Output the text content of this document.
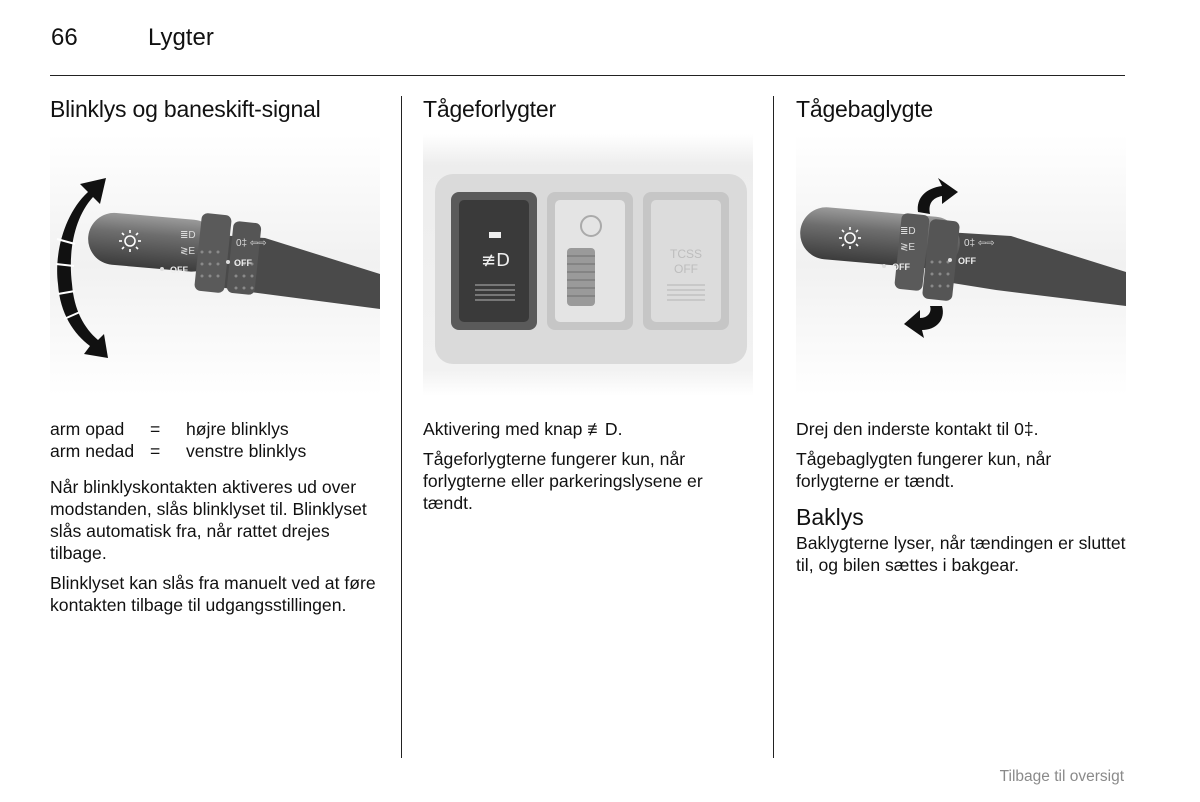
66	Lygter
Blinklys og baneskift-signal
≣D
≷E
0‡ ⇦⇨
OFF
OFF
arm opad	=	højre blinklys
arm nedad =	venstre blinklys

Når blinklyskontakten aktiveres ud over modstanden, slås blinklyset til. Blinklyset slås automatisk fra, når rattet drejes tilbage.

Blinklyset kan slås fra manuelt ved at føre kontakten tilbage til udgangsstillingen.

Tågeforlygter
≢D	TCSS
OFF

Aktivering med knap ≢D.

Tågeforlygterne fungerer kun, når forlygterne eller parkeringslysene er tændt.

Tågebaglygte
≣D
≷E	0‡ ⇦⇨
OFF
OFF

Drej den inderste kontakt til 0‡.

Tågebaglygten fungerer kun, når forlygterne er tændt.

Baklys

Baklygterne lyser, når tændingen er sluttet til, og bilen sættes i bakgear.

Tilbage til oversigt
